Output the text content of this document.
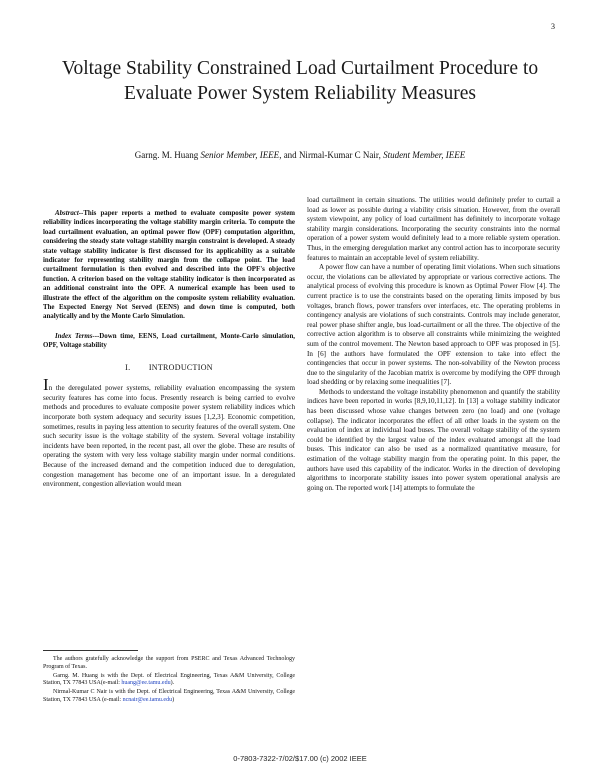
3
Voltage Stability Constrained Load Curtailment Procedure to Evaluate Power System Reliability Measures
Garng. M. Huang Senior Member, IEEE, and Nirmal-Kumar C Nair, Student Member, IEEE

Abstract--This paper reports a method to evaluate composite power system reliability indices incorporating the voltage stability margin criteria. To compute the load curtailment evaluation, an optimal power flow (OPF) computation algorithm, considering the steady state voltage stability margin constraint is developed. A steady state voltage stability indicator is first discussed for its applicability as a suitable indicator for representing stability margin from the collapse point. The load curtailment formulation is then evolved and described into the OPF's objective function. A criterion based on the voltage stability indicator is then incorporated as an additional constraint into the OPF. A numerical example has been used to illustrate the effect of the algorithm on the composite system reliability evaluation. The Expected Energy Not Served (EENS) and down time is computed, both analytically and by the Monte Carlo Simulation.

Index Terms---Down time, EENS, Load curtailment, Monte-Carlo simulation, OPF, Voltage stability

I. INTRODUCTION

In the deregulated power systems, reliability evaluation encompassing the system security features has come into focus. Presently research is being carried to evolve methods and procedures to evaluate composite power system reliability indices which incorporate both system adequacy and security issues [1,2,3]. Economic competition, sometimes, results in paying less attention to security features of the overall system. One such security issue is the voltage stability of the system. Several voltage instability incidents have been reported, in the recent past, all over the globe. These are results of operating the system with very less voltage stability margin under normal conditions. Because of the increased demand and the competition induced due to deregulation, congestion management has become one of an important issue. In a deregulated environment, congestion alleviation would mean

load curtailment in certain situations. The utilities would definitely prefer to curtail a load as lower as possible during a viability crisis situation. However, from the overall system viewpoint, any policy of load curtailment has definitely to incorporate voltage stability margin considerations. Incorporating the security constraints into the normal operation of a power system would definitely lead to a more reliable system operation. Thus, in the emerging deregulation market any control action has to incorporate security features to maintain an acceptable level of system reliability.

A power flow can have a number of operating limit violations. When such situations occur, the violations can be alleviated by appropriate or various corrective actions. The analytical process of evolving this procedure is known as Optimal Power Flow [4]. The current practice is to use the constraints based on the operating limits imposed by bus voltages, branch flows, power transfers over interfaces, etc. The operating problems in contingency analysis are violations of such constraints. Controls may include generator, real power phase shifter angle, bus load-curtailment or all the three. The objective of the corrective action algorithm is to observe all constraints while minimizing the weighted sum of the control movement. The Newton based approach to OPF was proposed in [5]. In [6] the authors have formulated the OPF extension to take into effect the contingencies that occur in power systems. The non-solvability of the Newton process due to the singularity of the Jacobian matrix is overcome by modifying the OPF through load shedding or by relaxing some inequalities [7].

Methods to understand the voltage instability phenomenon and quantify the stability indices have been reported in works [8,9,10,11,12]. In [13] a voltage stability indicator has been discussed whose value changes between zero (no load) and one (voltage collapse). The indicator incorporates the effect of all other loads in the system on the evaluation of index at individual load buses. The overall voltage stability of the system could be identified by the largest value of the index evaluated amongst all the load buses. This indicator can also be used as a normalized quantitative measure, for estimation of the voltage stability margin from the operating point. In this paper, the authors have used this capability of the indicator. Works in the direction of developing algorithms to incorporate stability issues into power system operational analysis are going on. The reported work [14] attempts to formulate the

The authors gratefully acknowledge the support from PSERC and Texas Advanced Technology Program of Texas.

Garng. M. Huang is with the Dept. of Electrical Engineering, Texas A&M University, College Station, TX 77843 USA(e-mail: huang@ee.tamu.edu).

Nirmal-Kumar C Nair is with the Dept. of Electrical Engineering, Texas A&M University, College Station, TX 77843 USA (e-mail: ncnair@ee.tamu.edu)

0-7803-7322-7/02/$17.00 (c) 2002 IEEE
